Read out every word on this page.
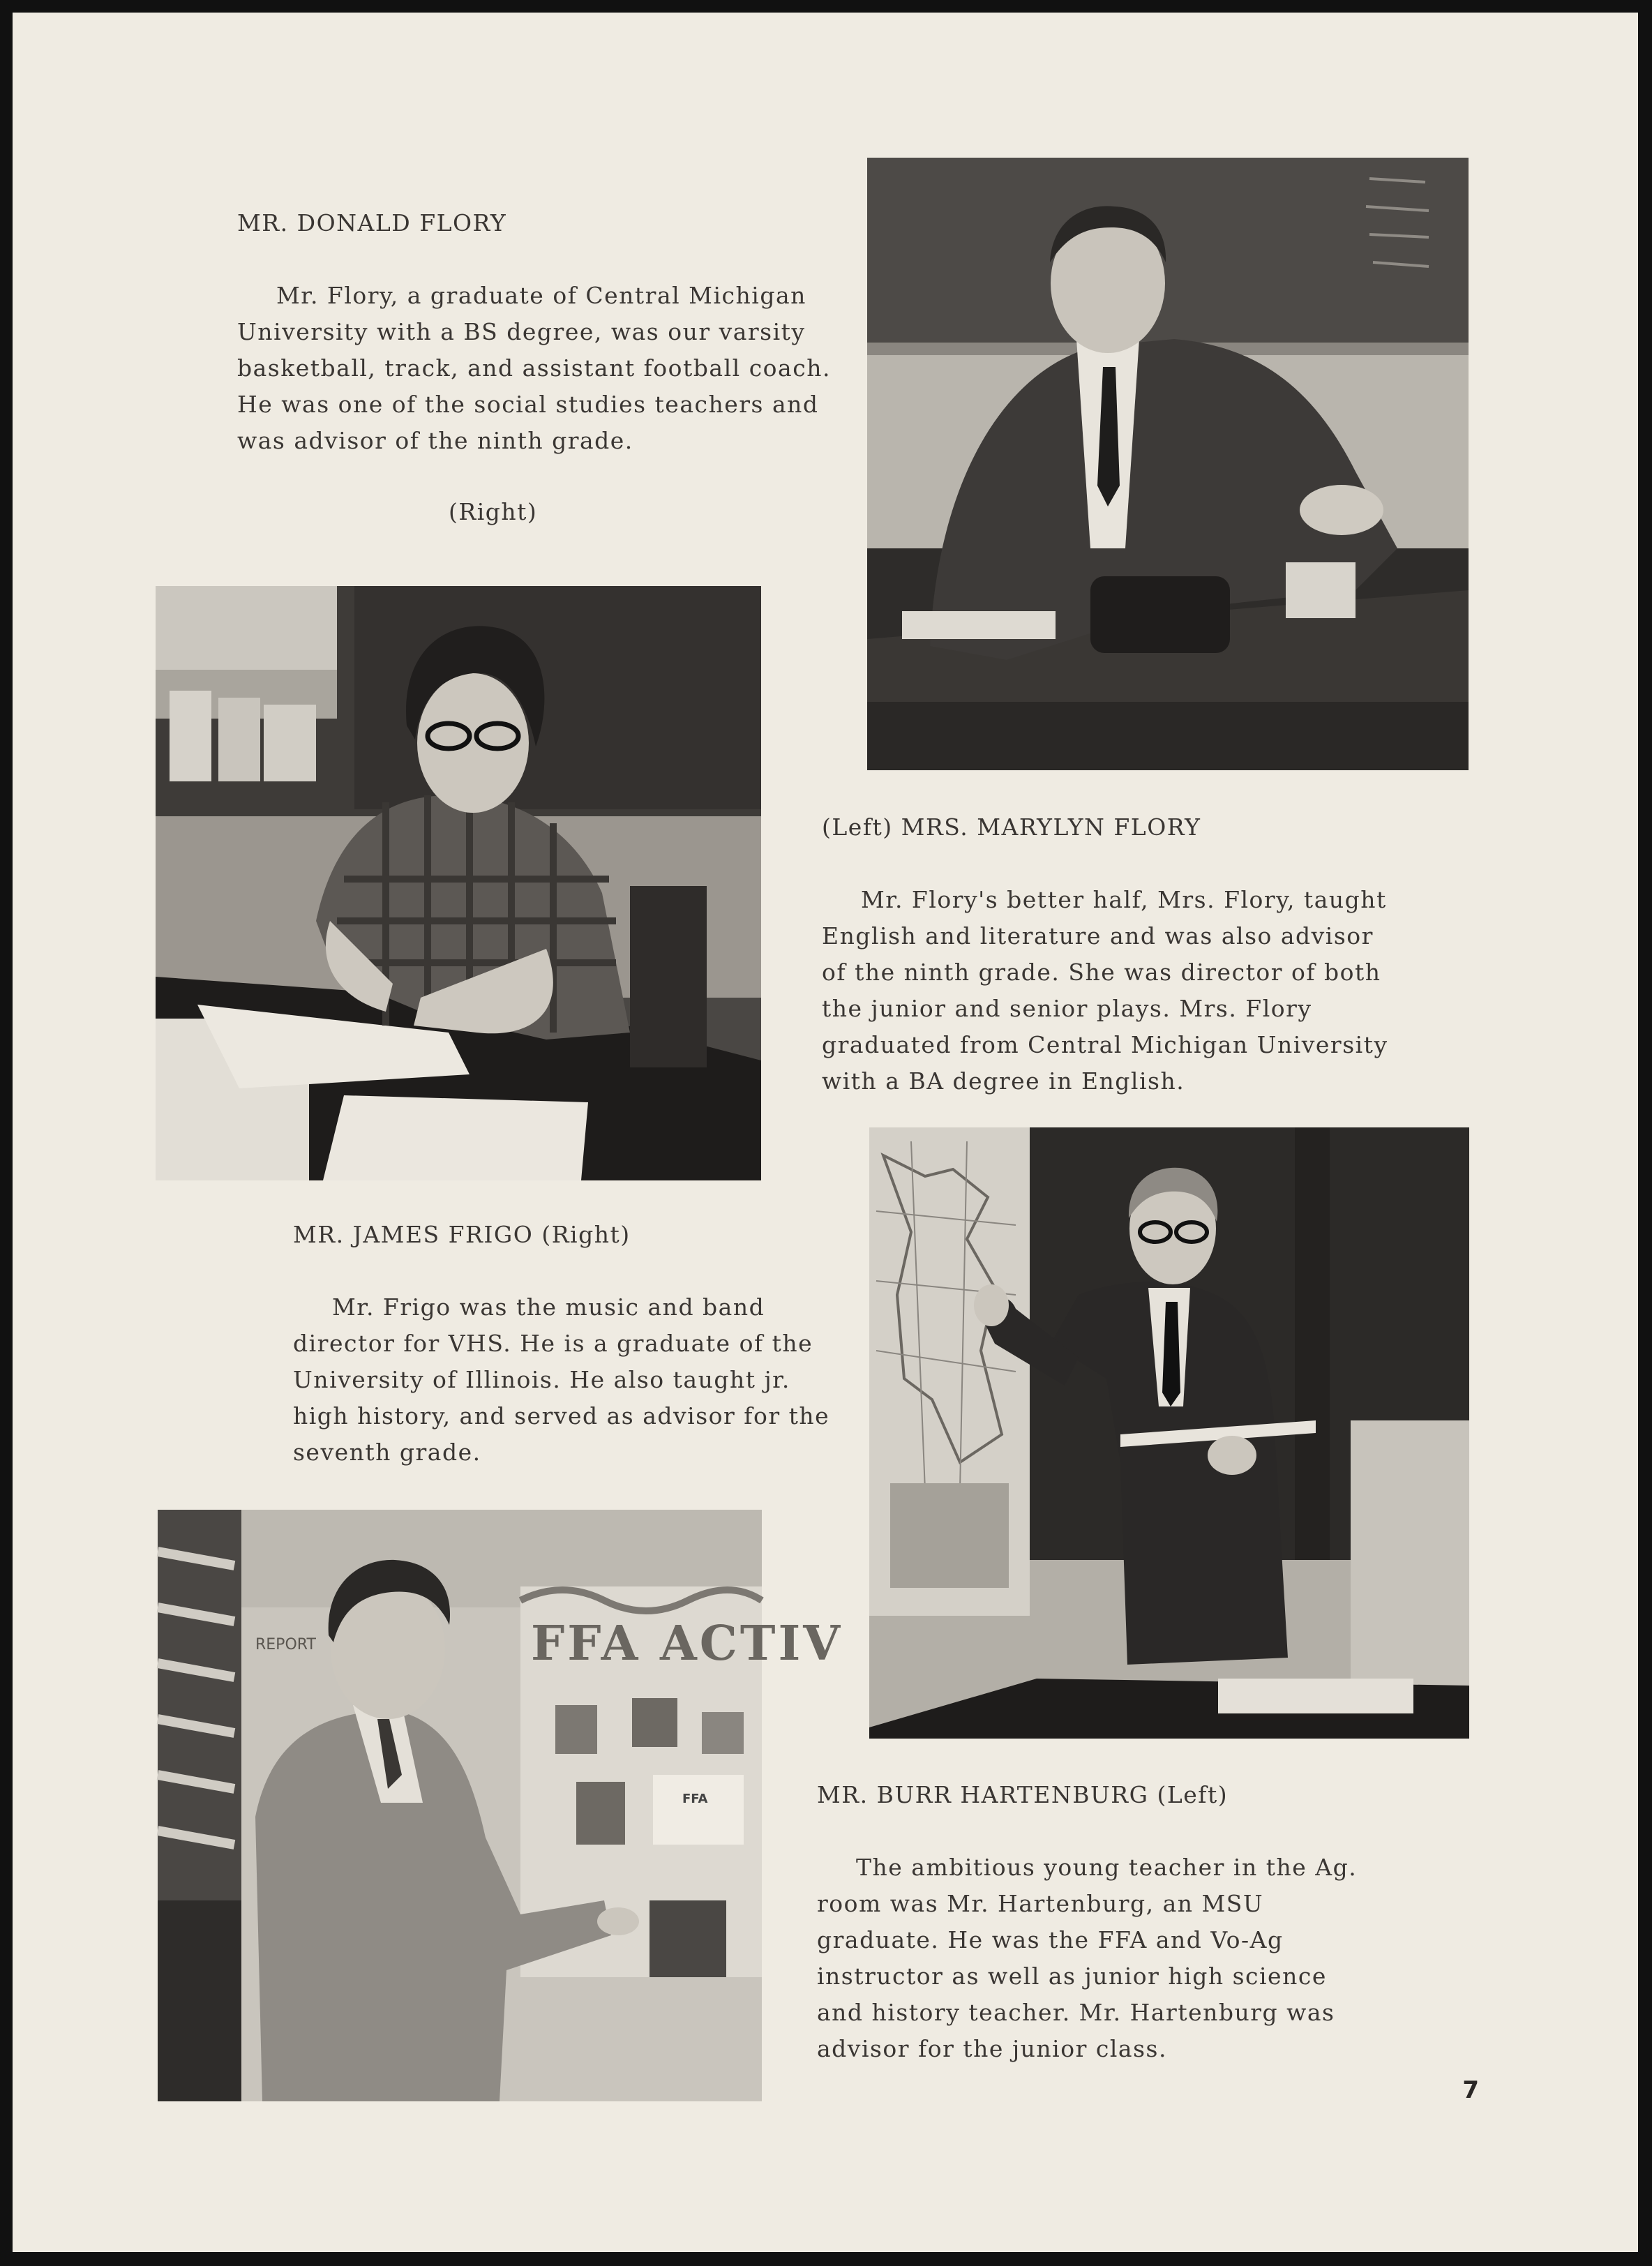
MR. DONALD FLORY

Mr. Flory, a graduate of Central Michigan University with a BS degree, was our varsity basketball, track, and assistant football coach. He was one of the social studies teachers and was advisor of the ninth grade.

(Right)
(Left) MRS. MARYLYN FLORY

Mr. Flory's better half, Mrs. Flory, taught English and literature and was also advisor of the ninth grade. She was director of both the junior and senior plays. Mrs. Flory graduated from Central Michigan University with a BA degree in English.

MR. JAMES FRIGO (Right)

Mr. Frigo was the music and band director for VHS. He is a graduate of the University of Illinois. He also taught jr. high history, and served as advisor for the seventh grade.

FFA ACTIV
REPORT
FFA	MR. BURR HARTENBURG (Left)

The ambitious young teacher in the Ag. room was Mr. Hartenburg, an MSU graduate. He was the FFA and Vo-Ag instructor as well as junior high science and history teacher. Mr. Hartenburg was advisor for the junior class.

7
